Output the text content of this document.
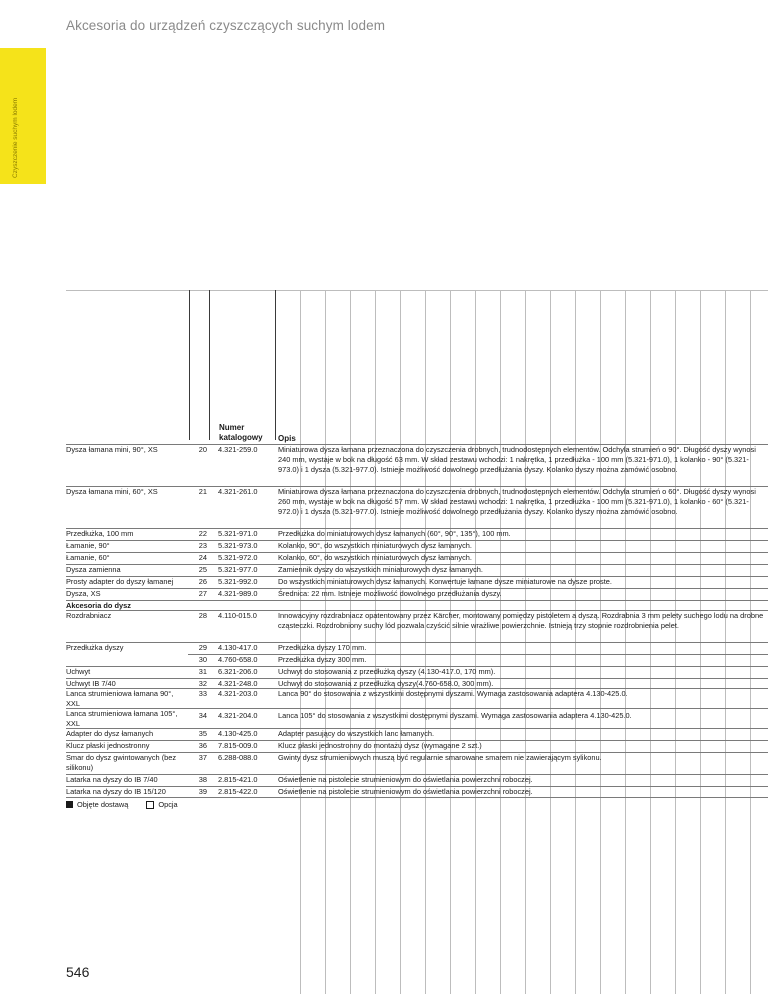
Akcesoria do urządzeń czyszczących suchym lodem
Czyszczenie suchym lodem
Numer katalogowy	Opis
Dysza łamana mini, 90°, XS	20 4.321-259.0	Miniaturowa dysza łamana przeznaczona do czyszczenia drobnych, trudnodostępnych elementów. Odchyla strumień o 90°. Długość dyszy wynosi 240 mm, wystaje w bok na długość 63 mm. W skład zestawu wchodzi: 1 nakrętka, 1 przedłużka - 100 mm (5.321-971.0), 1 kolanko - 90° (5.321-973.0) i 1 dysza (5.321-977.0). Istnieje możliwość dowolnego przedłużania dyszy. Kolanko dyszy można zamówić osobno.
Dysza łamana mini, 60°, XS	21 4.321-261.0	Miniaturowa dysza łamana przeznaczona do czyszczenia drobnych, trudnodostępnych elementów. Odchyla strumień o 60°. Długość dyszy wynosi 260 mm, wystaje w bok na długość 57 mm. W skład zestawu wchodzi: 1 nakrętka, 1 przedłużka - 100 mm (5.321-971.0), 1 kolanko - 60° (5.321-972.0) i 1 dysza (5.321-977.0). Istnieje możliwość dowolnego przedłużania dyszy. Kolanko dyszy można zamówić osobno.
Przedłużka, 100 mm	22 5.321-971.0	Przedłużka do miniaturowych dysz łamanych (60°, 90°, 135°), 100 mm.
Łamanie, 90°	23 5.321-973.0	Kolanko, 90°, do wszystkich miniaturowych dysz łamanych.
Łamanie, 60°	24 5.321-972.0	Kolanko, 60°, do wszystkich miniaturowych dysz łamanych.
Dysza zamienna	25 5.321-977.0	Zamiennik dyszy do wszystkich miniaturowych dysz łamanych.
Prosty adapter do dyszy łamanej	26 5.321-992.0	Do wszystkich miniaturowych dysz łamanych. Konwertuje łamane dysze miniaturowe na dysze proste.
Dysza, XS	27 4.321-989.0	Średnica: 22 mm. Istnieje możliwość dowolnego przedłużania dyszy.
Akcesoria do dysz
Rozdrabniacz	28 4.110-015.0	Innowacyjny rozdrabniacz opatentowany przez Kärcher, montowany pomiędzy pistoletem a dyszą. Rozdrabnia 3 mm pelety suchego lodu na drobne cząsteczki. Rozdrobniony suchy lód pozwala czyścić silnie wrażliwe powierzchnie. Istnieją trzy stopnie rozdrobnienia pelet.
Przedłużka dyszy	29 4.130-417.0	Przedłużka dyszy 170 mm.
30 4.760-658.0	Przedłużka dyszy 300 mm.
Uchwyt	31 6.321-206.0	Uchwyt do stosowania z przedłużką dyszy (4.130-417.0, 170 mm).
Uchwyt IB 7/40	32 4.321-248.0	Uchwyt do stosowania z przedłużką dyszy(4.760-658.0, 300 mm).
Lanca strumieniowa łamana 90°, XXL
33 4.321-203.0	Lanca 90° do stosowania z wszystkimi dostępnymi dyszami. Wymaga zastosowania adaptera 4.130-425.0.
Lanca strumieniowa łamana 105°, XXL
34 4.321-204.0	Lanca 105° do stosowania z wszystkimi dostępnymi dyszami. Wymaga zastosowania adaptera 4.130-425.0.
Adapter do dysz łamanych	35 4.130-425.0	Adapter pasujący do wszystkich lanc łamanych.
Klucz płaski jednostronny	36 7.815-009.0	Klucz płaski jednostronny do montażu dysz (wymagane 2 szt.)
Smar do dysz gwintowanych (bez silikonu)
37 6.288-088.0	Gwinty dysz strumieniowych muszą być regularnie smarowane smarem nie zawierającym sylikonu.
Latarka na dyszy do IB 7/40	38 2.815-421.0	Oświetlenie na pistolecie strumieniowym do oświetlania powierzchni roboczej.
Latarka na dyszy do IB 15/120	39 2.815-422.0	Oświetlenie na pistolecie strumieniowym do oświetlania powierzchni roboczej.
Objęte dostawą	Opcja
546
